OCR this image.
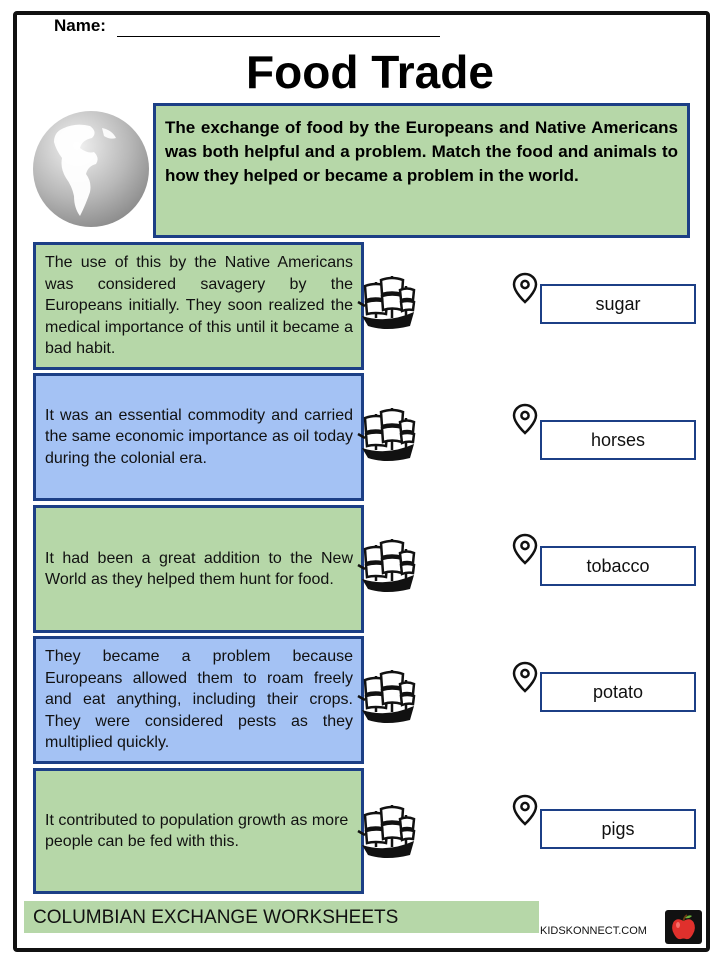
Name:
Food Trade
The exchange of food by the Europeans and Native Americans was both helpful and a problem. Match the food and animals to how they helped or became a problem in the world.
The use of this by the Native Americans was considered savagery by the Europeans initially. They soon realized the medical importance of this until it became a bad habit.
sugar
It was an essential commodity and carried the same economic importance as oil today during the colonial era.
horses
It had been a great addition to the New World as they helped them hunt for food.
tobacco
They became a problem because Europeans allowed them to roam freely and eat anything, including their crops. They were considered pests as they multiplied quickly.
potato
It contributed to population growth as more people can be fed with this.
pigs
COLUMBIAN EXCHANGE WORKSHEETS
KIDSKONNECT.COM
